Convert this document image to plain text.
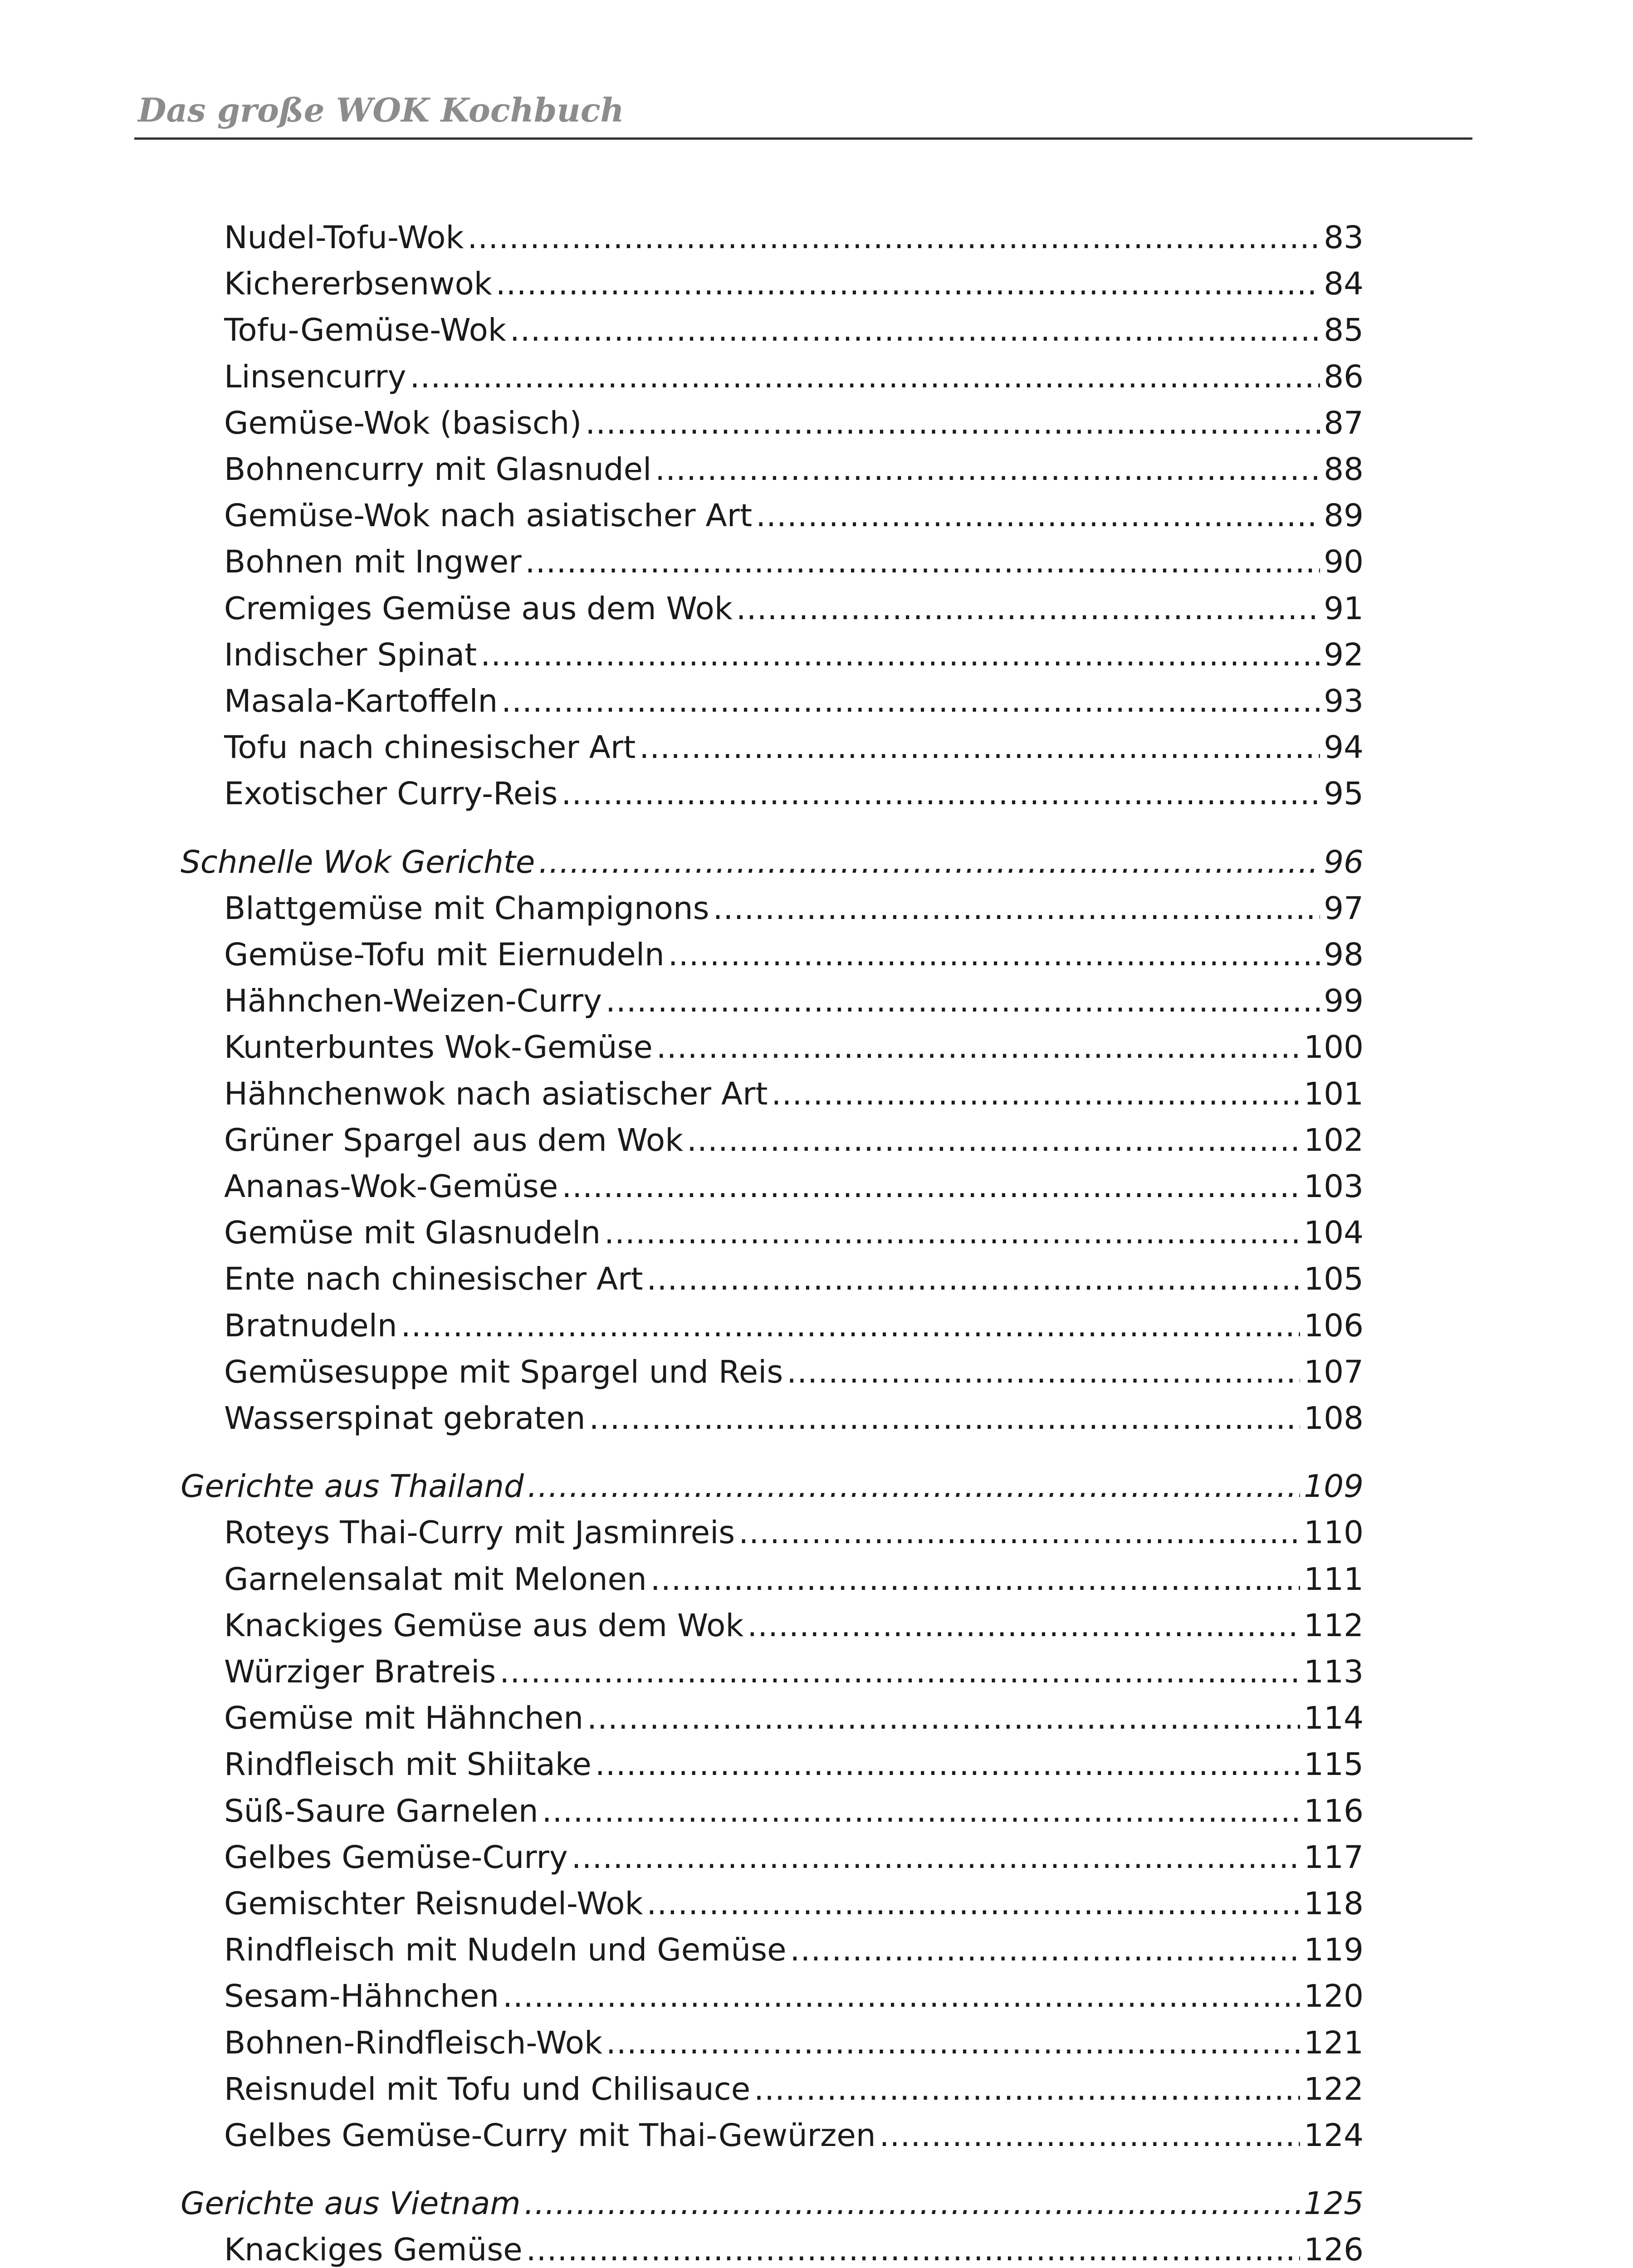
Das große WOK Kochbuch
Nudel-Tofu-Wok .....	83
Kichererbsenwok .....	84
Tofu-Gemüse-Wok .....	85
Linsencurry .....	86
Gemüse-Wok (basisch) .....	87
Bohnencurry mit Glasnudel .....	88
Gemüse-Wok nach asiatischer Art .....	89
Bohnen mit Ingwer .....	90
Cremiges Gemüse aus dem Wok .....	91
Indischer Spinat .....	92
Masala-Kartoffeln .....	93
Tofu nach chinesischer Art .....	94
Exotischer Curry-Reis .....	95
Schnelle Wok Gerichte .....	96
Blattgemüse mit Champignons .....	97
Gemüse-Tofu mit Eiernudeln .....	98
Hähnchen-Weizen-Curry .....	99
Kunterbuntes Wok-Gemüse .....	100
Hähnchenwok nach asiatischer Art .....	101
Grüner Spargel aus dem Wok .....	102
Ananas-Wok-Gemüse .....	103
Gemüse mit Glasnudeln .....	104
Ente nach chinesischer Art .....	105
Bratnudeln .....	106
Gemüsesuppe mit Spargel und Reis .....	107
Wasserspinat gebraten .....	108
Gerichte aus Thailand .....	109
Roteys Thai-Curry mit Jasminreis .....	110
Garnelensalat mit Melonen .....	111
Knackiges Gemüse aus dem Wok .....	112
Würziger Bratreis .....	113
Gemüse mit Hähnchen .....	114
Rindfleisch mit Shiitake .....	115
Süß-Saure Garnelen .....	116
Gelbes Gemüse-Curry .....	117
Gemischter Reisnudel-Wok .....	118
Rindfleisch mit Nudeln und Gemüse .....	119
Sesam-Hähnchen .....	120
Bohnen-Rindfleisch-Wok .....	121
Reisnudel mit Tofu und Chilisauce .....	122
Gelbes Gemüse-Curry mit Thai-Gewürzen .....	124
Gerichte aus Vietnam .....	125
Knackiges Gemüse .....	126
